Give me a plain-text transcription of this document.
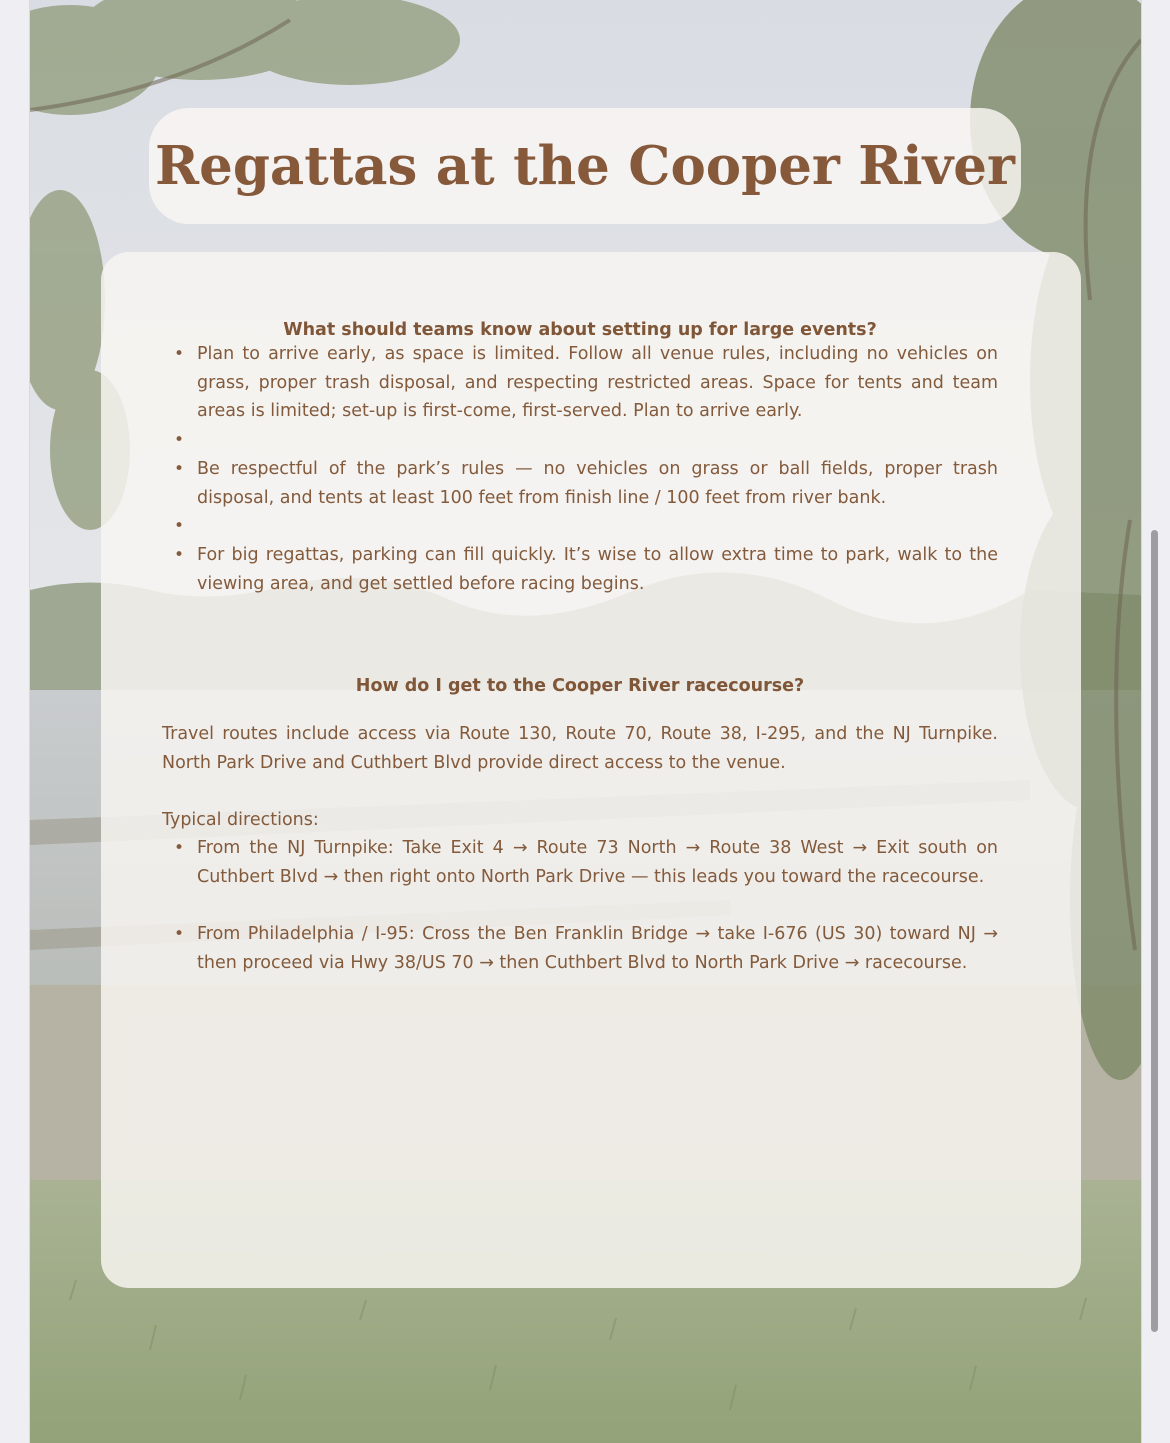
Regattas at the Cooper River

What should teams know about setting up for large events?

• Plan to arrive early, as space is limited. Follow all venue rules, including no vehicles on grass, proper trash disposal, and respecting restricted areas. Space for tents and team areas is limited; set-up is first-come, first-served. Plan to arrive early.
•
• Be respectful of the park’s rules — no vehicles on grass or ball fields, proper trash disposal, and tents at least 100 feet from finish line / 100 feet from river bank.
•
• For big regattas, parking can fill quickly. It’s wise to allow extra time to park, walk to the viewing area, and get settled before racing begins.

How do I get to the Cooper River racecourse?

Travel routes include access via Route 130, Route 70, Route 38, I-295, and the NJ Turnpike. North Park Drive and Cuthbert Blvd provide direct access to the venue.

Typical directions:

• From the NJ Turnpike: Take Exit 4 → Route 73 North → Route 38 West → Exit south on Cuthbert Blvd → then right onto North Park Drive — this leads you toward the racecourse.
• From Philadelphia / I-95: Cross the Ben Franklin Bridge → take I-676 (US 30) toward NJ → then proceed via Hwy 38/US 70 → then Cuthbert Blvd to North Park Drive → racecourse.
